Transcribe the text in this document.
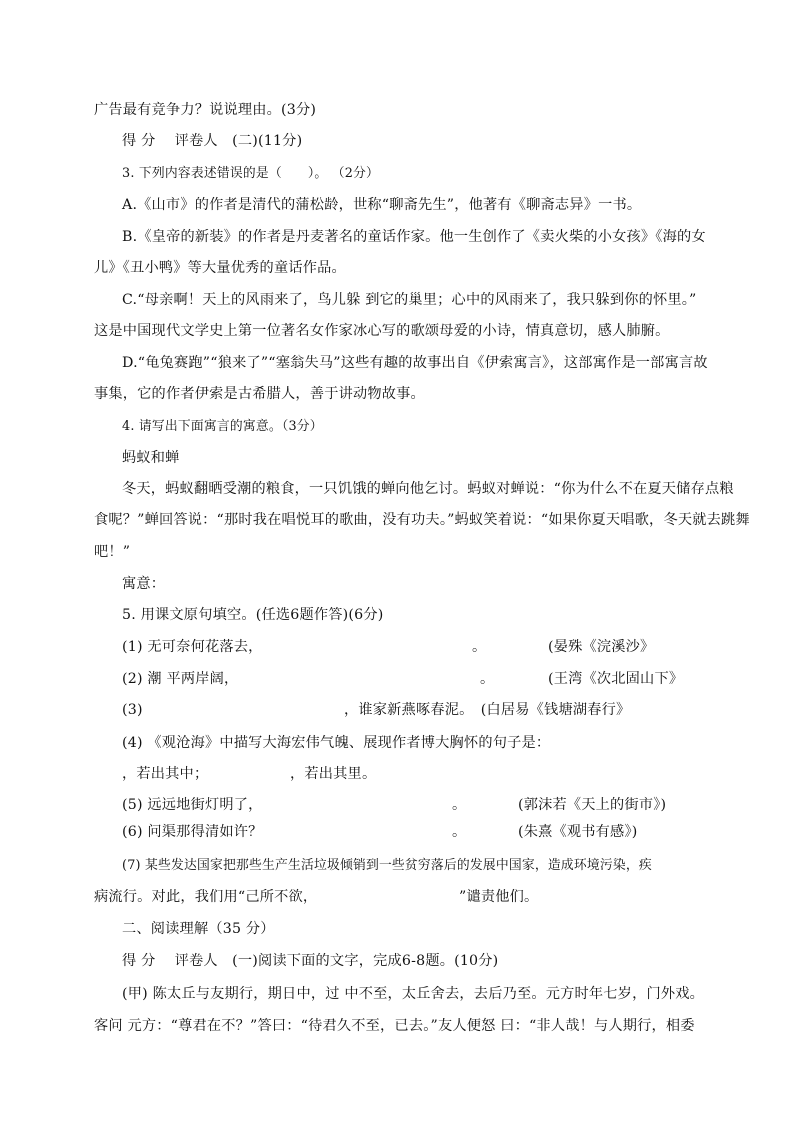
广告最有竞争力？说说理由。(3分)
得 分　 评卷人　(二)(11分)
3. 下列内容表述错误的是（　　）。 （2分）
A.《山市》的作者是清代的蒲松龄，世称“聊斋先生”，他著有《聊斋志异》一书。
B.《皇帝的新装》的作者是丹麦著名的童话作家。他一生创作了《卖火柴的小女孩》《海的女
儿》《丑小鸭》等大量优秀的童话作品。
C.“母亲啊！天上的风雨来了，鸟儿躲 到它的巢里；心中的风雨来了，我只躲到你的怀里。”
这是中国现代文学史上第一位著名女作家冰心写的歌颂母爱的小诗，情真意切，感人肺腑。
D.“龟兔赛跑”“狼来了”“塞翁失马”这些有趣的故事出自《伊索寓言》，这部寓作是一部寓言故
事集，它的作者伊索是古希腊人，善于讲动物故事。
4. 请写出下面寓言的寓意。（3分）
蚂蚁和蝉
冬天，蚂蚁翻晒受潮的粮食，一只饥饿的蝉向他乞讨。蚂蚁对蝉说：“你为什么不在夏天储存点粮
食呢？”蝉回答说：“那时我在唱悦耳的歌曲，没有功夫。”蚂蚁笑着说：“如果你夏天唱歌，冬天就去跳舞
吧！”
寓意：
5. 用课文原句填空。(任选6题作答)(6分)
(1) 无可奈何花落去，	。	(晏殊《浣溪沙》
(2) 潮 平两岸阔，	。	(王湾《次北固山下》
(3)	，谁家新燕啄春泥。　(白居易《钱塘湖春行》
(4) 《观沧海》中描写大海宏伟气魄、展现作者博大胸怀的句子是：
，若出其中；	，若出其里。
(5) 远远地街灯明了，	。	(郭沫若《天上的街市》)
(6) 问渠那得清如许？	。	(朱熹《观书有感》)
(7) 某些发达国家把那些生产生活垃圾倾销到一些贫穷落后的发展中国家，造成环境污染，疾
病流行。对此，我们用“己所不欲，	”谴责他们。
二、阅读理解（35 分）
得 分　 评卷人　(一)阅读下面的文字，完成6-8题。(10分)
(甲) 陈太丘与友期行，期日中，过 中不至，太丘舍去，去后乃至。元方时年七岁，门外戏。
客问 元方：“尊君在不？”答曰：“待君久不至，已去。”友人便怒 曰：“非人哉！与人期行，相委
